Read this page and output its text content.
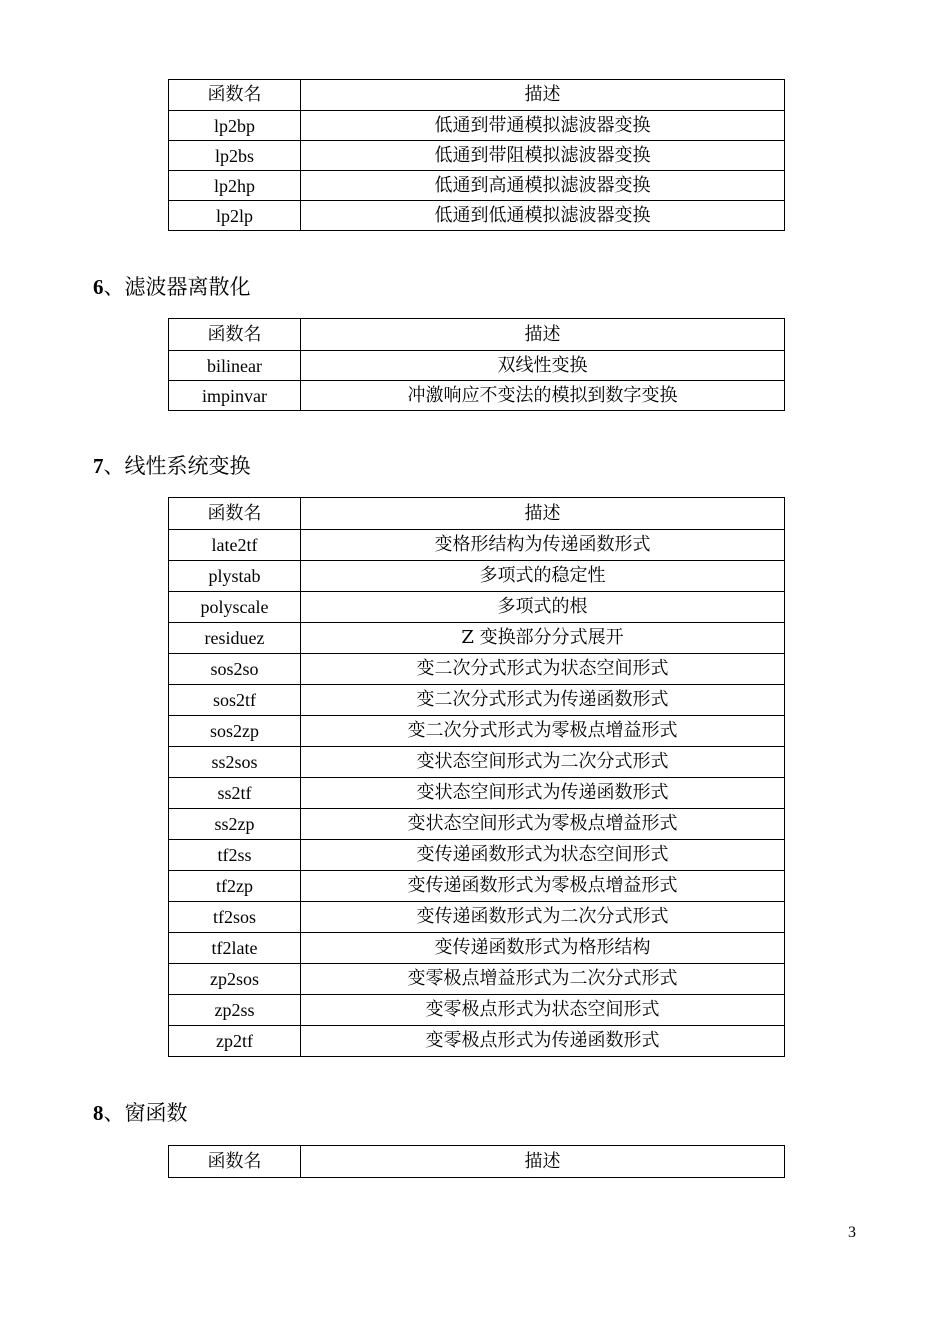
函数名	描述
lp2bp	低通到带通模拟滤波器变换
lp2bs	低通到带阻模拟滤波器变换
lp2hp	低通到高通模拟滤波器变换
lp2lp	低通到低通模拟滤波器变换
6、滤波器离散化
函数名	描述
bilinear	双线性变换
impinvar	冲激响应不变法的模拟到数字变换
7、线性系统变换
函数名	描述
late2tf	变格形结构为传递函数形式
plystab	多项式的稳定性
polyscale	多项式的根
residuez	Z 变换部分分式展开
sos2so	变二次分式形式为状态空间形式
sos2tf	变二次分式形式为传递函数形式
sos2zp	变二次分式形式为零极点增益形式
ss2sos	变状态空间形式为二次分式形式
ss2tf	变状态空间形式为传递函数形式
ss2zp	变状态空间形式为零极点增益形式
tf2ss	变传递函数形式为状态空间形式
tf2zp	变传递函数形式为零极点增益形式
tf2sos	变传递函数形式为二次分式形式
tf2late	变传递函数形式为格形结构
zp2sos	变零极点增益形式为二次分式形式
zp2ss	变零极点形式为状态空间形式
zp2tf	变零极点形式为传递函数形式
8、窗函数
函数名	描述
3
